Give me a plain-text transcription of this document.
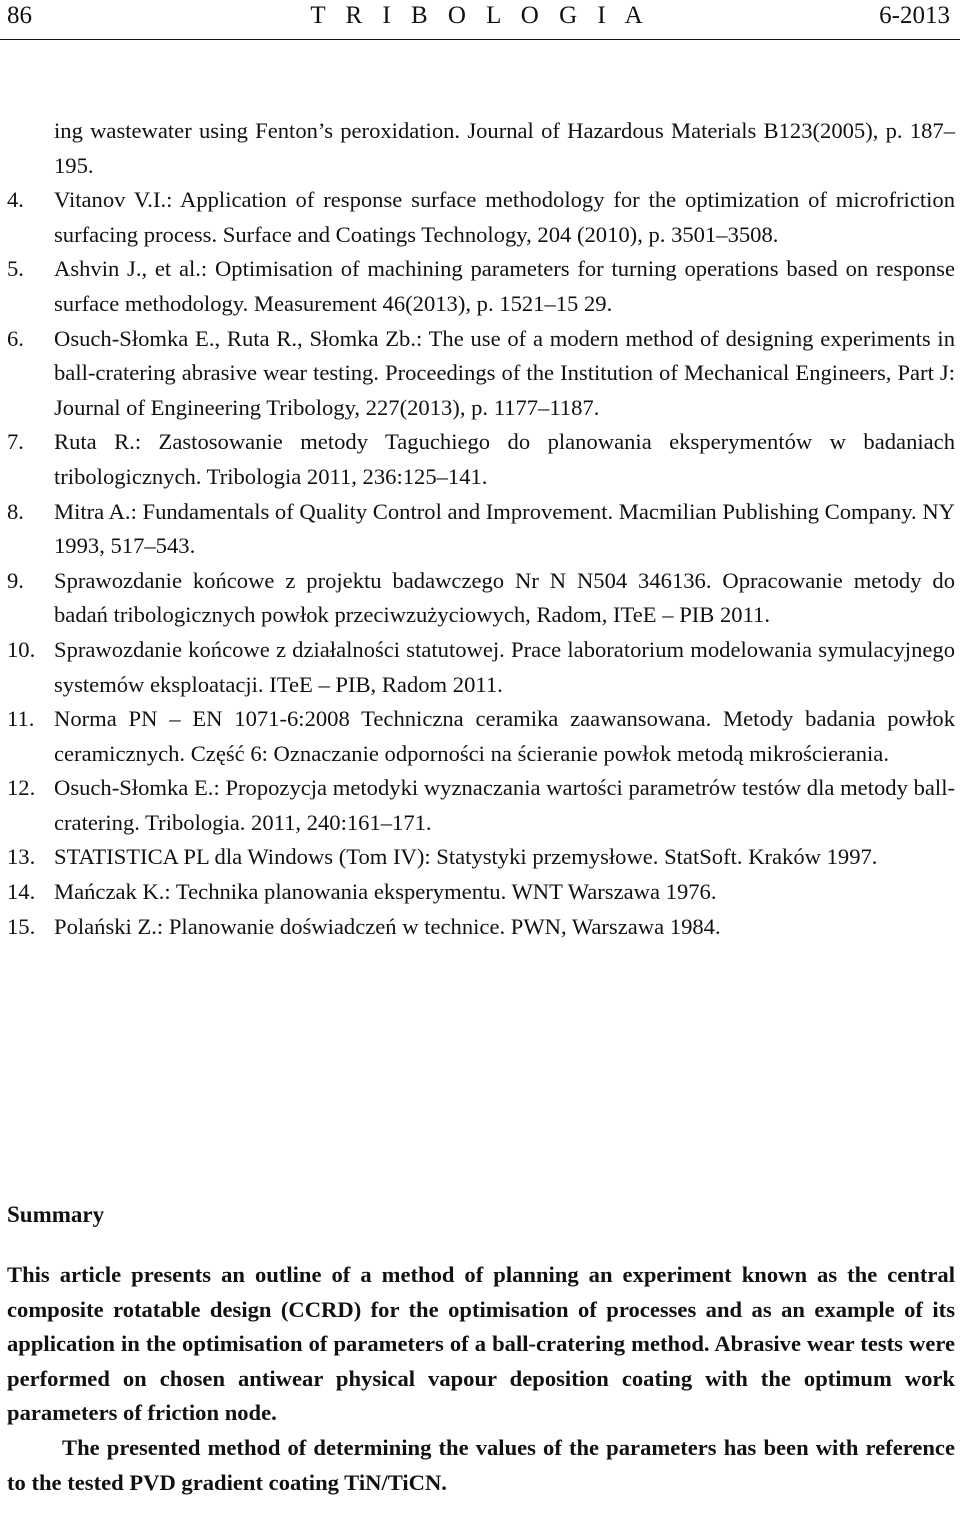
86	T R I B O L O G I A	6-2013
ing wastewater using Fenton’s peroxidation. Journal of Hazardous Materials B123(2005), p. 187–195.
4.	Vitanov V.I.: Application of response surface methodology for the optimization of microfriction surfacing process. Surface and Coatings Technology, 204 (2010), p. 3501–3508.
5.	Ashvin J., et al.: Optimisation of machining parameters for turning operations based on response surface methodology. Measurement 46(2013), p. 1521–15 29.
6.	Osuch-Słomka E., Ruta R., Słomka Zb.: The use of a modern method of designing experiments in ball-cratering abrasive wear testing. Proceedings of the Institution of Mechanical Engineers, Part J: Journal of Engineering Tribology, 227(2013), p. 1177–1187.
7.	Ruta R.: Zastosowanie metody Taguchiego do planowania eksperymentów w badaniach tribologicznych. Tribologia 2011, 236:125–141.
8.	Mitra A.: Fundamentals of Quality Control and Improvement. Macmilian Publishing Company. NY 1993, 517–543.
9.	Sprawozdanie końcowe z projektu badawczego Nr N N504 346136. Opracowanie metody do badań tribologicznych powłok przeciwzużyciowych, Radom, ITeE – PIB 2011.
10. Sprawozdanie końcowe z działalności statutowej. Prace laboratorium modelowania symulacyjnego systemów eksploatacji. ITeE – PIB, Radom 2011.
11. Norma PN – EN 1071-6:2008 Techniczna ceramika zaawansowana. Metody badania powłok ceramicznych. Część 6: Oznaczanie odporności na ścieranie powłok metodą mikrościerania.
12. Osuch-Słomka E.: Propozycja metodyki wyznaczania wartości parametrów testów dla metody ball-cratering. Tribologia. 2011, 240:161–171.
13. STATISTICA PL dla Windows (Tom IV): Statystyki przemysłowe. StatSoft. Kraków 1997.
14. Mańczak K.: Technika planowania eksperymentu. WNT Warszawa 1976.
15. Polański Z.: Planowanie doświadczeń w technice. PWN, Warszawa 1984.
Summary

This article presents an outline of a method of planning an experiment known as the central composite rotatable design (CCRD) for the optimisation of processes and as an example of its application in the optimisation of parameters of a ball-cratering method. Abrasive wear tests were performed on chosen antiwear physical vapour deposition coating with the optimum work parameters of friction node.

The presented method of determining the values of the parameters has been with reference to the tested PVD gradient coating TiN/TiCN.
